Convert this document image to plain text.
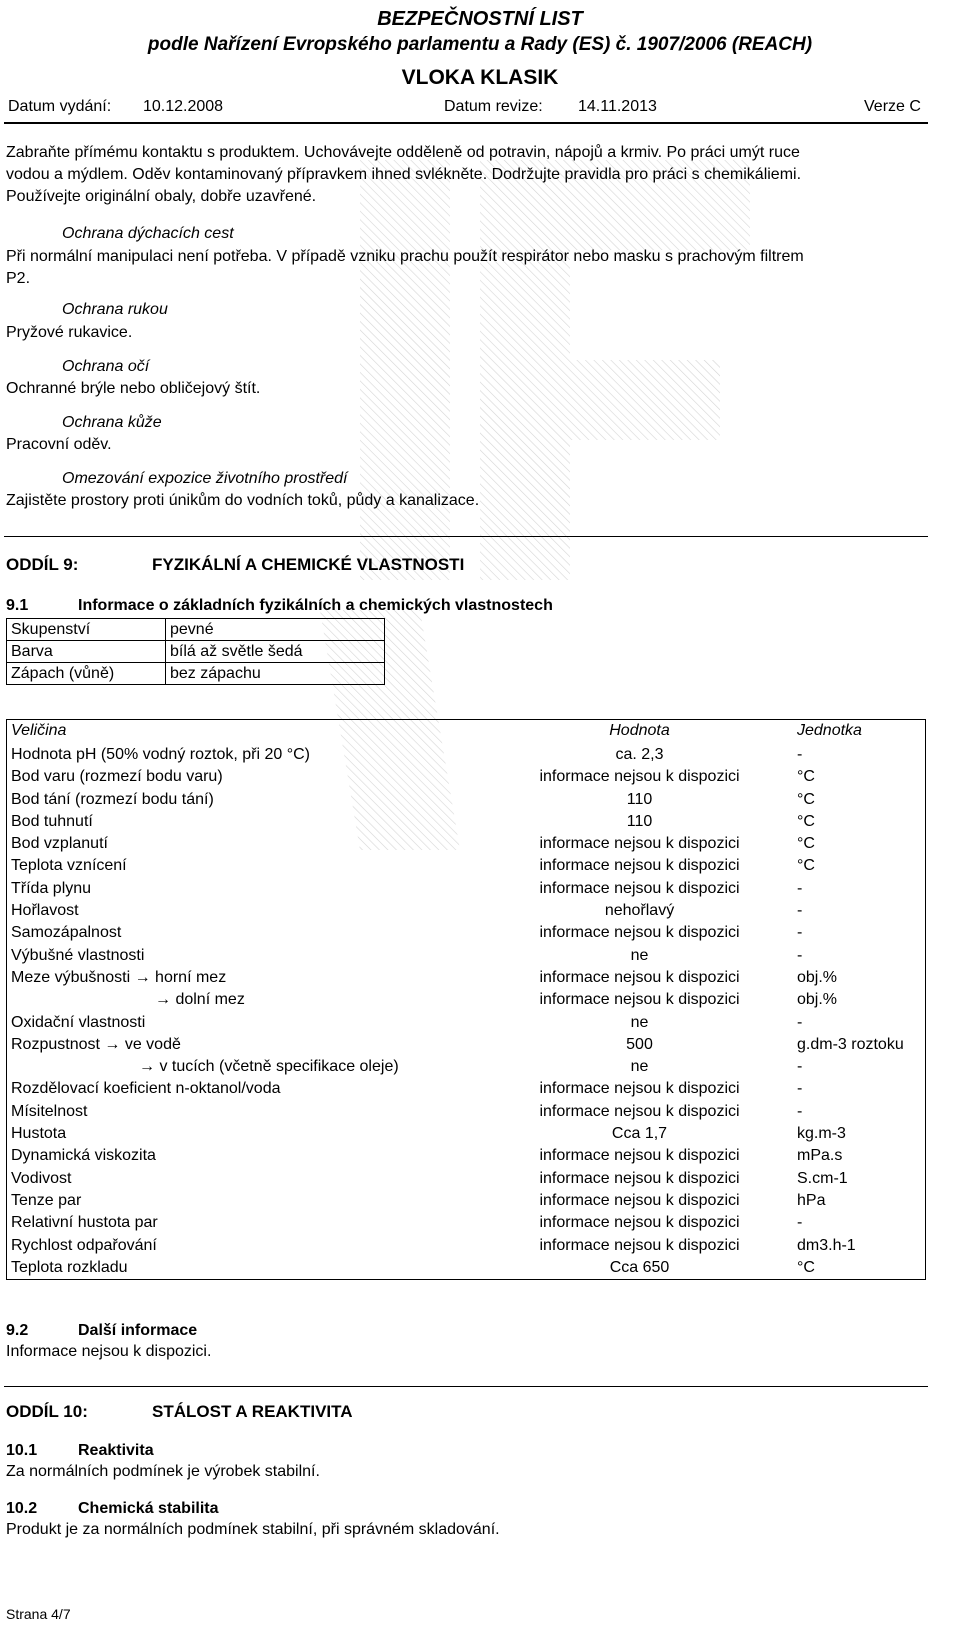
BEZPEČNOSTNÍ LIST
podle Nařízení Evropského parlamentu a Rady (ES) č. 1907/2006 (REACH)
VLOKA KLASIK
Datum vydání: 10.12.2008	Datum revize: 14.11.2013	Verze C
Zabraňte přímému kontaktu s produktem. Uchovávejte odděleně od potravin, nápojů a krmiv. Po práci umýt ruce
vodou a mýdlem. Oděv kontaminovaný přípravkem ihned svlékněte. Dodržujte pravidla pro práci s chemikáliemi.
Používejte originální obaly, dobře uzavřené.
Ochrana dýchacích cest
Při normální manipulaci není potřeba. V případě vzniku prachu použít respirátor nebo masku s prachovým filtrem
P2.
Ochrana rukou
Pryžové rukavice.
Ochrana očí
Ochranné brýle nebo obličejový štít.
Ochrana kůže
Pracovní oděv.
Omezování expozice životního prostředí
Zajistěte prostory proti únikům do vodních toků, půdy a kanalizace.
ODDÍL 9:	FYZIKÁLNÍ A CHEMICKÉ VLASTNOSTI
9.1	Informace o základních fyzikálních a chemických vlastnostech
Skupenství	pevné
Barva	bílá až světle šedá
Zápach (vůně)	bez zápachu
Veličina	Hodnota	Jednotka
Hodnota pH (50% vodný roztok, při 20 °C)	ca. 2,3	-
Bod varu (rozmezí bodu varu)	informace nejsou k dispozici	°C
Bod tání (rozmezí bodu tání)	110	°C
Bod tuhnutí	110	°C
Bod vzplanutí	informace nejsou k dispozici	°C
Teplota vznícení	informace nejsou k dispozici	°C
Třída plynu	informace nejsou k dispozici	-
Hořlavost	nehořlavý	-
Samozápalnost	informace nejsou k dispozici	-
Výbušné vlastnosti	ne	-
Meze výbušnosti → horní mez	informace nejsou k dispozici	obj.%
→ dolní mez	informace nejsou k dispozici	obj.%
Oxidační vlastnosti	ne	-
Rozpustnost → ve vodě	500	g.dm-3 roztoku
→ v tucích (včetně specifikace oleje)	ne	-
Rozdělovací koeficient n-oktanol/voda	informace nejsou k dispozici	-
Mísitelnost	informace nejsou k dispozici	-
Hustota	Cca 1,7	kg.m-3
Dynamická viskozita	informace nejsou k dispozici	mPa.s
Vodivost	informace nejsou k dispozici	S.cm-1
Tenze par	informace nejsou k dispozici	hPa
Relativní hustota par	informace nejsou k dispozici	-
Rychlost odpařování	informace nejsou k dispozici	dm3.h-1
Teplota rozkladu	Cca 650	°C
9.2	Další informace
Informace nejsou k dispozici.
ODDÍL 10:	STÁLOST A REAKTIVITA
10.1	Reaktivita
Za normálních podmínek je výrobek stabilní.
10.2	Chemická stabilita
Produkt je za normálních podmínek stabilní, při správném skladování.
Strana 4/7
